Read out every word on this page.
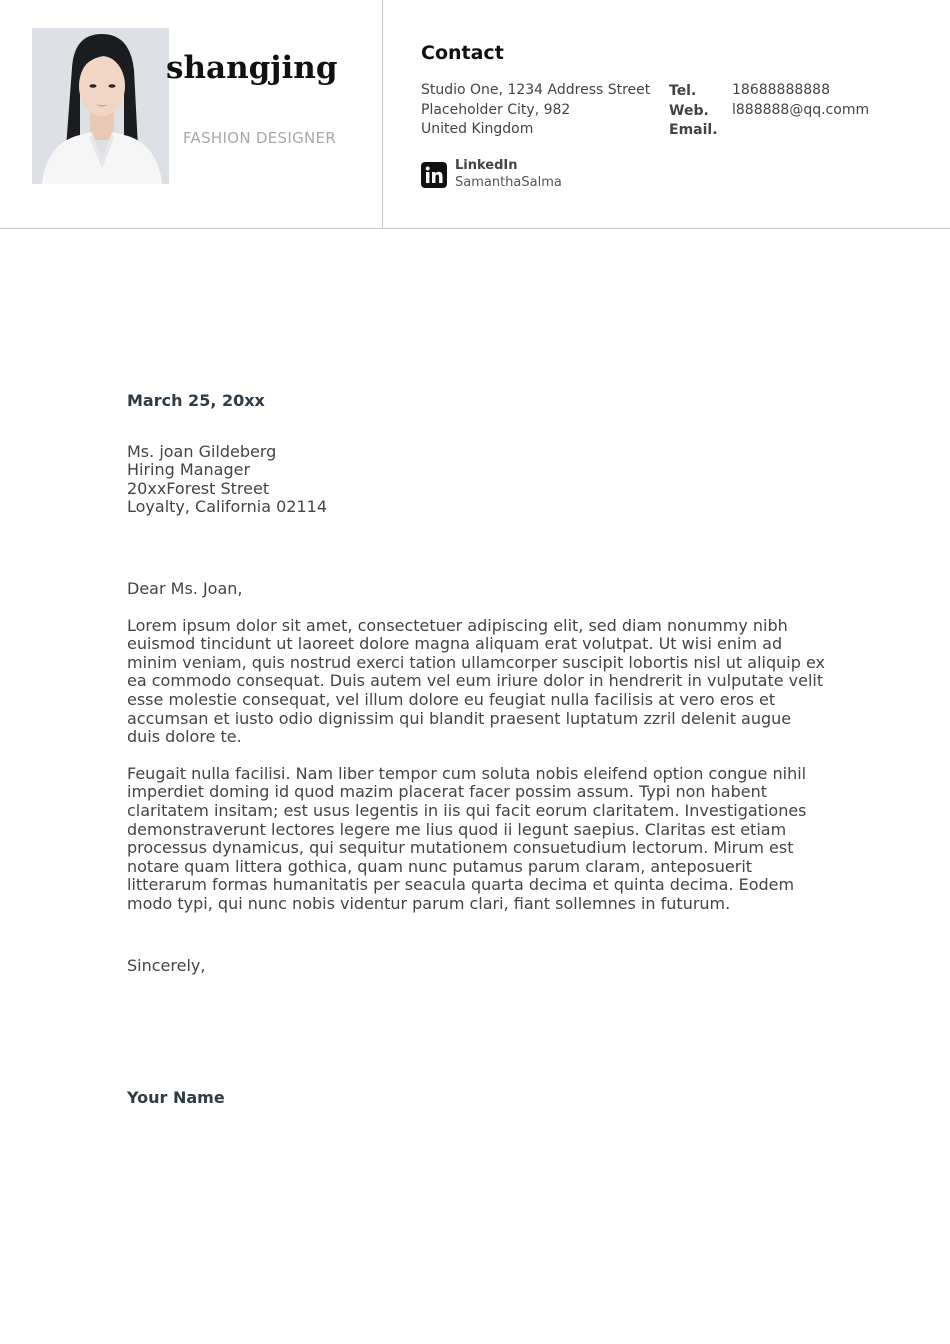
shangjing
FASHION DESIGNER
Contact
Studio One, 1234 Address Street
Placeholder City, 982
United Kingdom
Tel.
Web.
Email.
18688888888
l888888@qq.comm
LinkedIn
SamanthaSalma
March 25, 20xx
Ms. joan Gildeberg
Hiring Manager
20xxForest Street
Loyalty, California 02114
Dear Ms. Joan,
Lorem ipsum dolor sit amet, consectetuer adipiscing elit, sed diam nonummy nibh euismod tincidunt ut laoreet dolore magna aliquam erat volutpat. Ut wisi enim ad minim veniam, quis nostrud exerci tation ullamcorper suscipit lobortis nisl ut aliquip ex ea commodo consequat. Duis autem vel eum iriure dolor in hendrerit in vulputate velit esse molestie consequat, vel illum dolore eu feugiat nulla facilisis at vero eros et accumsan et iusto odio dignissim qui blandit praesent luptatum zzril delenit augue duis dolore te.
Feugait nulla facilisi. Nam liber tempor cum soluta nobis eleifend option congue nihil imperdiet doming id quod mazim placerat facer possim assum. Typi non habent claritatem insitam; est usus legentis in iis qui facit eorum claritatem. Investigationes demonstraverunt lectores legere me lius quod ii legunt saepius. Claritas est etiam processus dynamicus, qui sequitur mutationem consuetudium lectorum. Mirum est notare quam littera gothica, quam nunc putamus parum claram, anteposuerit litterarum formas humanitatis per seacula quarta decima et quinta decima. Eodem modo typi, qui nunc nobis videntur parum clari, fiant sollemnes in futurum.
Sincerely,
Your Name
